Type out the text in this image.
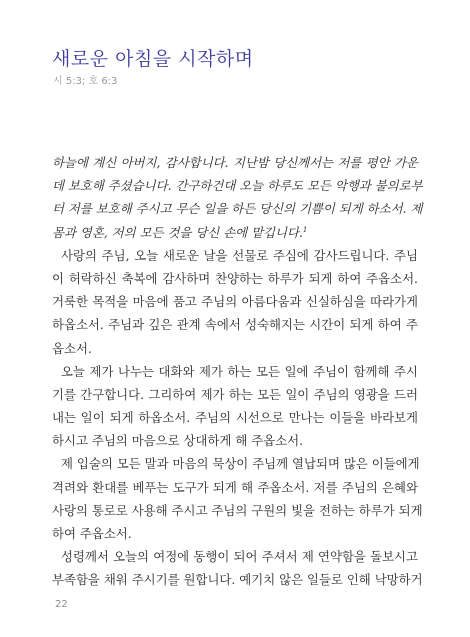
새로운 아침을 시작하며
시 5:3; 호 6:3
하늘에 계신 아버지, 감사합니다. 지난밤 당신께서는 저를 평안 가운
데 보호해 주셨습니다. 간구하건대 오늘 하루도 모든 악행과 불의로부
터 저를 보호해 주시고 무슨 일을 하든 당신의 기쁨이 되게 하소서. 제
몸과 영혼, 저의 모든 것을 당신 손에 맡깁니다.$^1$
사랑의 주님, 오늘 새로운 날을 선물로 주심에 감사드립니다. 주님
이 허락하신 축복에 감사하며 찬양하는 하루가 되게 하여 주옵소서.
거룩한 목적을 마음에 품고 주님의 아름다움과 신실하심을 따라가게
하옵소서. 주님과 깊은 관계 속에서 성숙해지는 시간이 되게 하여 주
옵소서.
오늘 제가 나누는 대화와 제가 하는 모든 일에 주님이 함께해 주시
기를 간구합니다. 그리하여 제가 하는 모든 일이 주님의 영광을 드러
내는 일이 되게 하옵소서. 주님의 시선으로 만나는 이들을 바라보게
하시고 주님의 마음으로 상대하게 해 주옵소서.
제 입술의 모든 말과 마음의 묵상이 주님께 열납되며 많은 이들에게
격려와 환대를 베푸는 도구가 되게 해 주옵소서. 저를 주님의 은혜와
사랑의 통로로 사용해 주시고 주님의 구원의 빛을 전하는 하루가 되게
하여 주옵소서.
성령께서 오늘의 여정에 동행이 되어 주셔서 제 연약함을 돌보시고
부족함을 채워 주시기를 원합니다. 예기치 않은 일들로 인해 낙망하거
22
